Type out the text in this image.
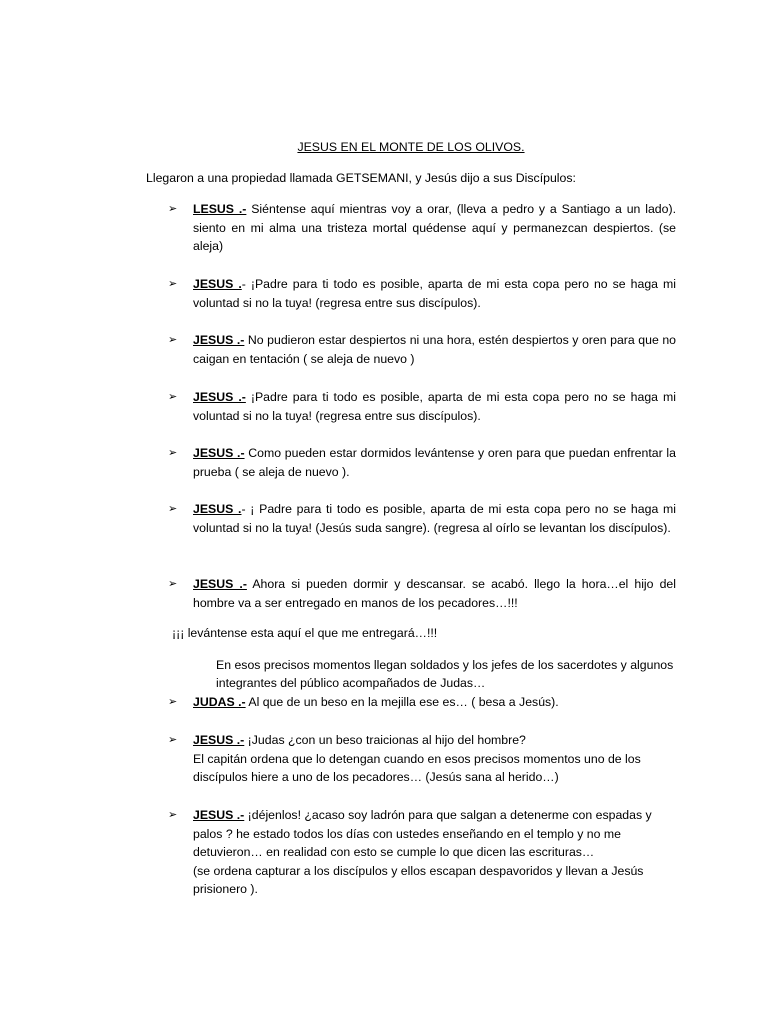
JESUS EN EL MONTE DE LOS OLIVOS.
Llegaron a una propiedad llamada GETSEMANI, y Jesús dijo a sus Discípulos:
➢	LESUS .- Siéntense aquí mientras voy a orar, (lleva a pedro y a Santiago a un lado). siento en mi alma una tristeza mortal quédense aquí y permanezcan despiertos. (se aleja)
➢	JESUS .- ¡Padre para ti todo es posible, aparta de mi esta copa pero no se haga mi voluntad si no la tuya! (regresa entre sus discípulos).
➢	JESUS .- No pudieron estar despiertos ni una hora, estén despiertos y oren para que no caigan en tentación ( se aleja de nuevo )
➢	JESUS .- ¡Padre para ti todo es posible, aparta de mi esta copa pero no se haga mi voluntad si no la tuya! (regresa entre sus discípulos).
➢	JESUS .- Como pueden estar dormidos levántense y oren para que puedan enfrentar la prueba ( se aleja de nuevo ).
➢	JESUS .- ¡ Padre para ti todo es posible, aparta de mi esta copa pero no se haga mi voluntad si no la tuya! (Jesús suda sangre). (regresa al oírlo se levantan los discípulos).
➢	JESUS .- Ahora si pueden dormir y descansar. se acabó. llego la hora…el hijo del hombre va a ser entregado en manos de los pecadores…!!!
¡¡¡ levántense esta aquí el que me entregará…!!!
En esos precisos momentos llegan soldados y los jefes de los sacerdotes y algunos integrantes del público acompañados de Judas…
➢	JUDAS .- Al que de un beso en la mejilla ese es… ( besa a Jesús).
➢	JESUS .- ¡Judas ¿con un beso traicionas al hijo del hombre?
El capitán ordena que lo detengan cuando en esos precisos momentos uno de los discípulos hiere a uno de los pecadores… (Jesús sana al herido…)
➢	JESUS .- ¡déjenlos! ¿acaso soy ladrón para que salgan a detenerme con espadas y palos ? he estado todos los días con ustedes enseñando en el templo y no me detuvieron… en realidad con esto se cumple lo que dicen las escrituras…
(se ordena capturar a los discípulos y ellos escapan despavoridos y llevan a Jesús prisionero ).
